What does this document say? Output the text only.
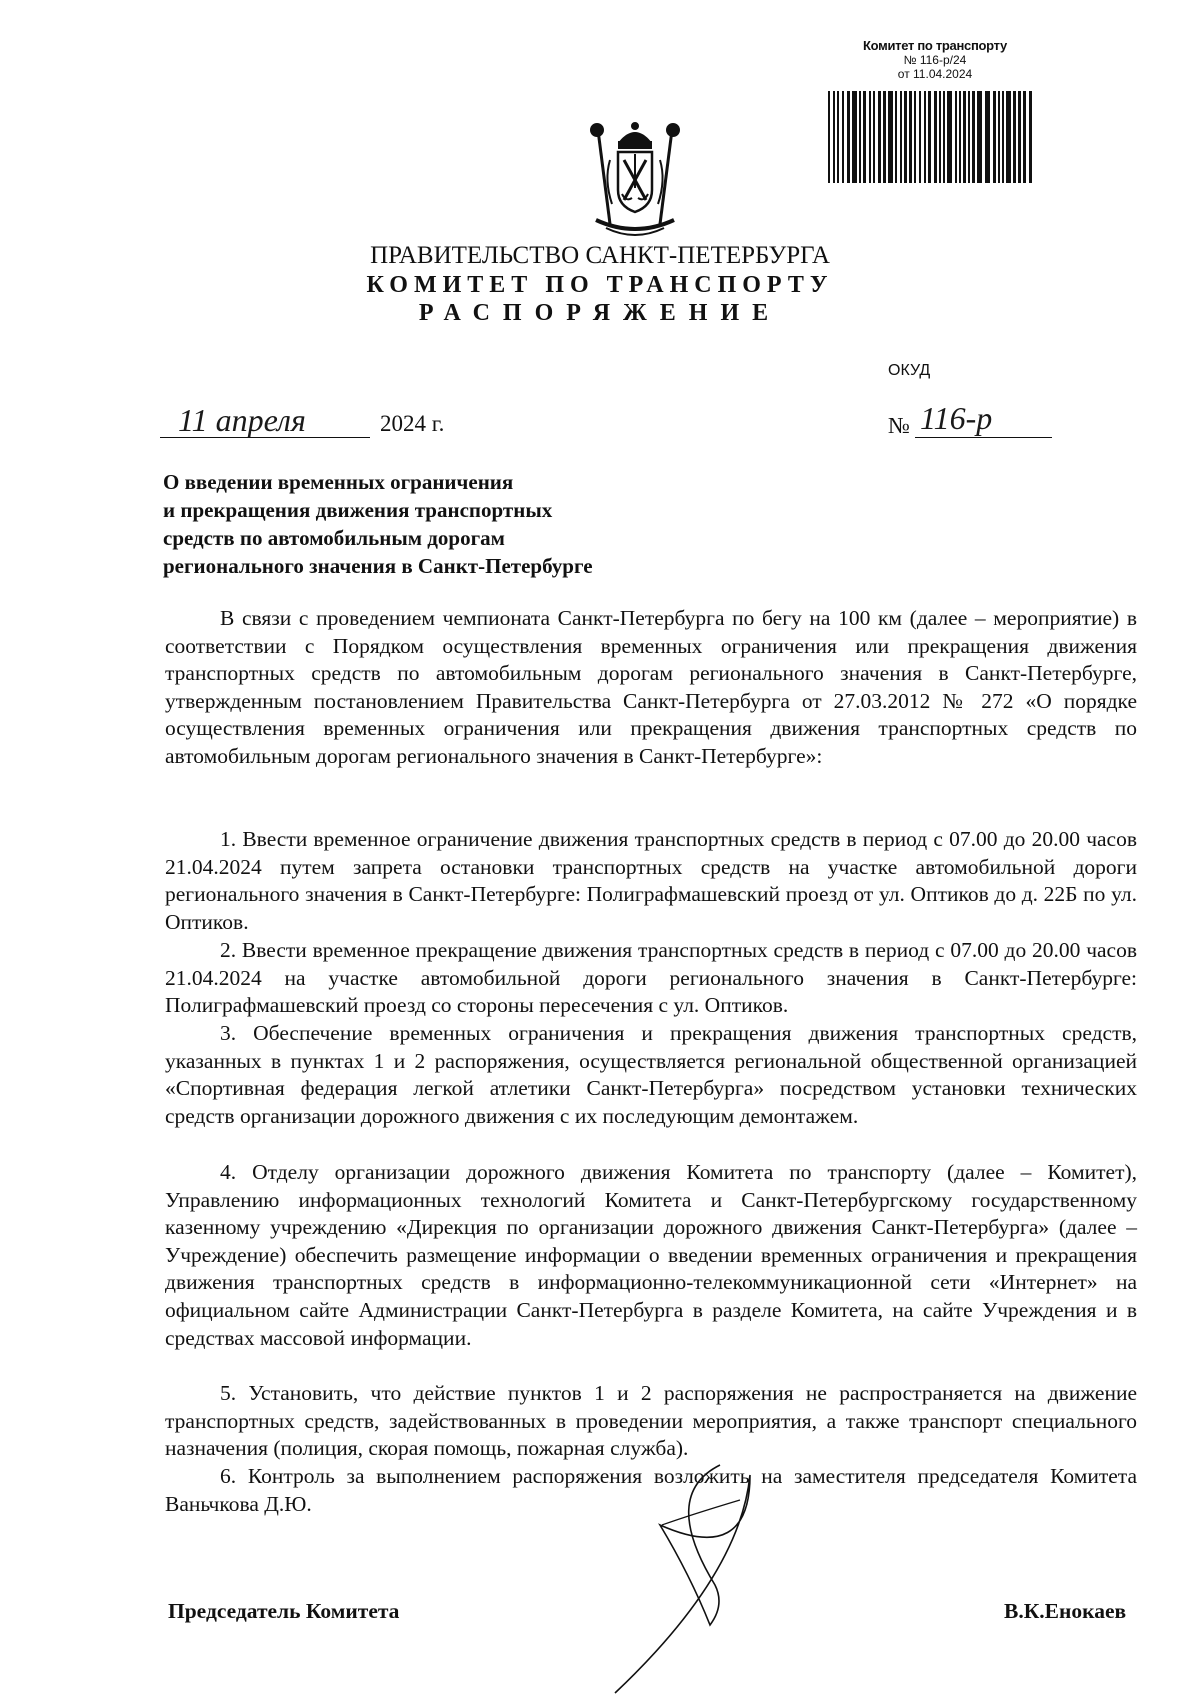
Комитет по транспорту
№ 116-р/24
от 11.04.2024
ПРАВИТЕЛЬСТВО САНКТ-ПЕТЕРБУРГА
КОМИТЕТ ПО ТРАНСПОРТУ
РАСПОРЯЖЕНИЕ
ОКУД
11 апреля	2024 г.	№ 116-р
О введении временных ограничения
и прекращения движения транспортных
средств по автомобильным дорогам
регионального значения в Санкт-Петербурге

В связи с проведением чемпионата Санкт-Петербурга по бегу на 100 км (далее – мероприятие) в соответствии с Порядком осуществления временных ограничения или прекращения движения транспортных средств по автомобильным дорогам регионального значения в Санкт-Петербурге, утвержденным постановлением Правительства Санкт-Петербурга от 27.03.2012 № 272 «О порядке осуществления временных ограничения или прекращения движения транспортных средств по автомобильным дорогам регионального значения в Санкт-Петербурге»:

1. Ввести временное ограничение движения транспортных средств в период с 07.00 до 20.00 часов 21.04.2024 путем запрета остановки транспортных средств на участке автомобильной дороги регионального значения в Санкт-Петербурге: Полиграфмашевский проезд от ул. Оптиков до д. 22Б по ул. Оптиков.

2. Ввести временное прекращение движения транспортных средств в период с 07.00 до 20.00 часов 21.04.2024 на участке автомобильной дороги регионального значения в Санкт-Петербурге: Полиграфмашевский проезд со стороны пересечения с ул. Оптиков.

3. Обеспечение временных ограничения и прекращения движения транспортных средств, указанных в пунктах 1 и 2 распоряжения, осуществляется региональной общественной организацией «Спортивная федерация легкой атлетики Санкт-Петербурга» посредством установки технических средств организации дорожного движения с их последующим демонтажем.

4. Отделу организации дорожного движения Комитета по транспорту (далее – Комитет), Управлению информационных технологий Комитета и Санкт-Петербургскому государственному казенному учреждению «Дирекция по организации дорожного движения Санкт-Петербурга» (далее – Учреждение) обеспечить размещение информации о введении временных ограничения и прекращения движения транспортных средств в информационно-телекоммуникационной сети «Интернет» на официальном сайте Администрации Санкт-Петербурга в разделе Комитета, на сайте Учреждения и в средствах массовой информации.

5. Установить, что действие пунктов 1 и 2 распоряжения не распространяется на движение транспортных средств, задействованных в проведении мероприятия, а также транспорт специального назначения (полиция, скорая помощь, пожарная служба).

6. Контроль за выполнением распоряжения возложить на заместителя председателя Комитета Ваньчкова Д.Ю.

Председатель Комитета	В.К.Енокаев
